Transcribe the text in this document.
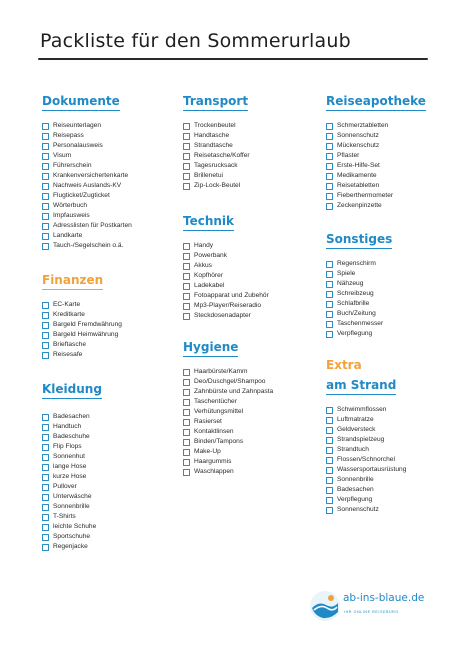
Packliste für den Sommerurlaub
Dokumente
Reiseunterlagen
Reisepass
Personalausweis
Visum
Führerschein
Krankenversichertenkarte
Nachweis Auslands-KV
Flugticket/Zugticket
Wörterbuch
Impfausweis
Adresslisten für Postkarten
Landkarte
Tauch-/Segelschein o.ä.
Finanzen
EC-Karte
Kreditkarte
Bargeld Fremdwährung
Bargeld Heimwährung
Brieftasche
Reisesafe
Kleidung
Badesachen
Handtuch
Badeschuhe
Flip Flops
Sonnenhut
lange Hose
kurze Hose
Pullover
Unterwäsche
Sonnenbrille
T-Shirts
leichte Schuhe
Sportschuhe
Regenjacke
Transport
Trockenbeutel
Handtasche
Strandtasche
Reisetasche/Koffer
Tagesrucksack
Brillenetui
Zip-Lock-Beutel
Technik
Handy
Powerbank
Akkus
Kopfhörer
Ladekabel
Fotoapparat und Zubehör
Mp3-Player/Reiseradio
Steckdosenadapter
Hygiene
Haarbürste/Kamm
Deo/Duschgel/Shampoo
Zahnbürste und Zahnpasta
Taschentücher
Verhütungsmittel
Rasierset
Kontaktlinsen
Binden/Tampons
Make-Up
Haargummis
Waschlappen
Reiseapotheke
Schmerztabletten
Sonnenschutz
Mückenschutz
Pflaster
Erste-Hilfe-Set
Medikamente
Reisetabletten
Fieberthermometer
Zeckenpinzette
Sonstiges
Regenschirm
Spiele
Nähzeug
Schreibzeug
Schlafbrille
Buch/Zeitung
Taschenmesser
Verpflegung
Extra
am Strand
Schwimmflossen
Luftmatratze
Geldversteck
Strandspielzeug
Strandtuch
Flossen/Schnorchel
Wassersportausrüstung
Sonnenbrille
Badesachen
Verpflegung
Sonnenschutz
ab-ins-blaue.de
IHR ONLINE REISEBÜRO
